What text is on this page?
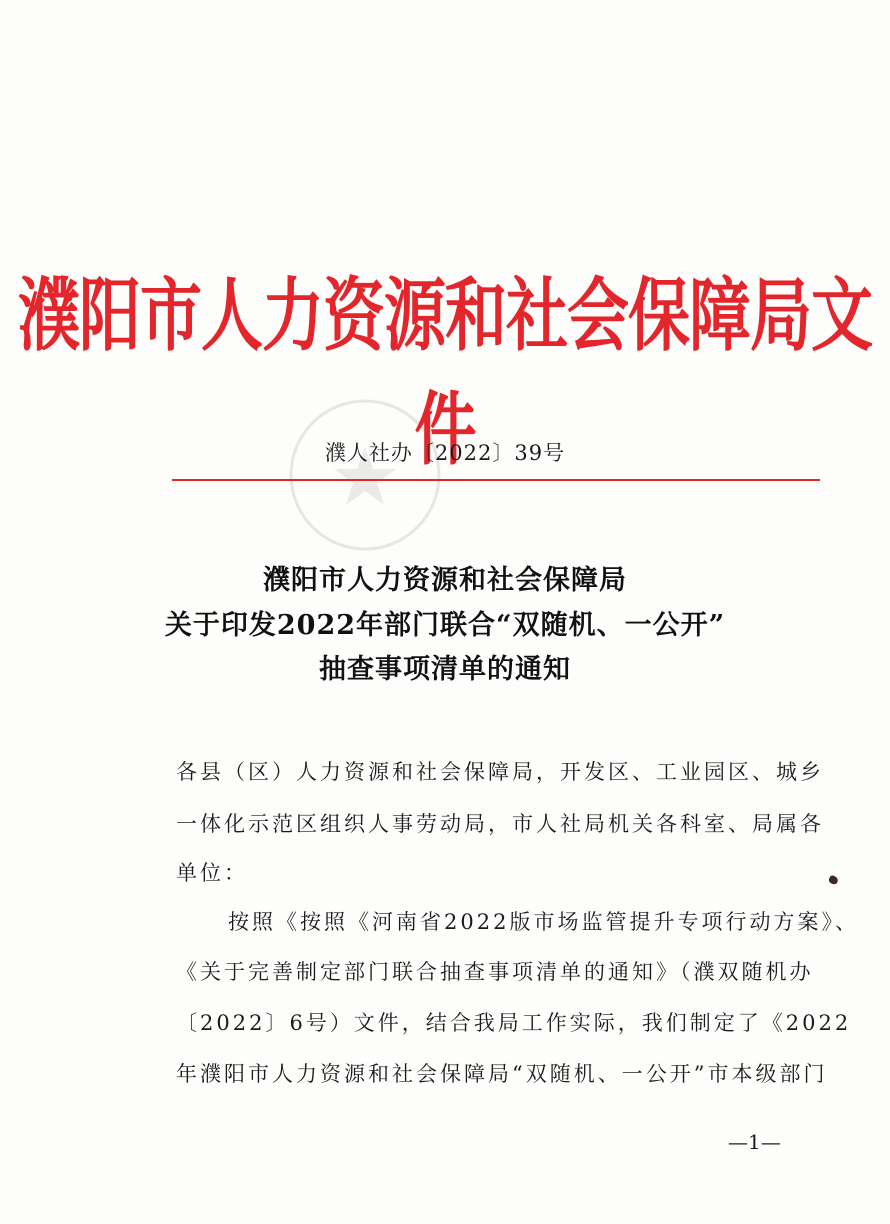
濮阳市人力资源和社会保障局文件
濮人社办〔2022〕39号
濮阳市人力资源和社会保障局
关于印发2022年部门联合“双随机、一公开”
抽查事项清单的通知
各县（区）人力资源和社会保障局，开发区、工业园区、城乡
一体化示范区组织人事劳动局，市人社局机关各科室、局属各
单位：
按照《按照《河南省2022版市场监管提升专项行动方案》、
《关于完善制定部门联合抽查事项清单的通知》（濮双随机办
〔2022〕6号）文件，结合我局工作实际，我们制定了《2022
年濮阳市人力资源和社会保障局“双随机、一公开”市本级部门
—1—
